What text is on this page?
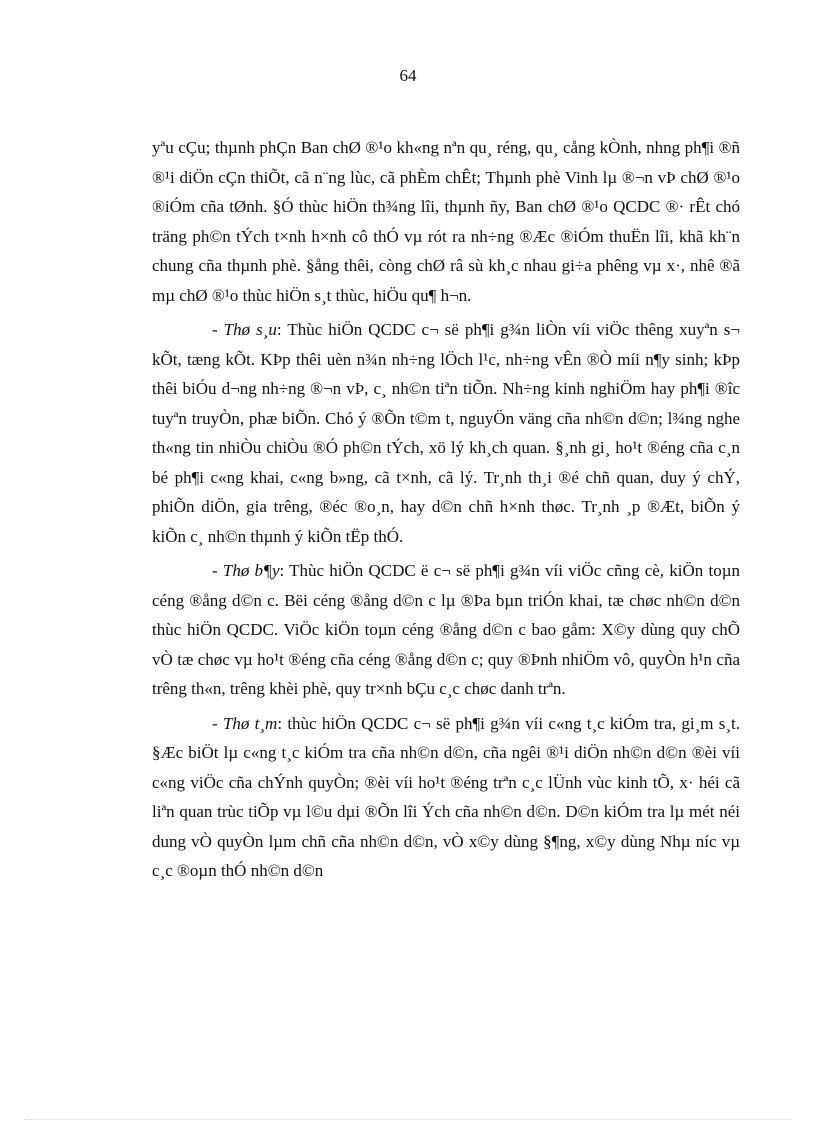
64

yªu cÇu; thµnh phÇn Ban chØ ®¹o kh«ng nªn qu¸ réng, qu¸ cång kÒnh, nhng ph¶i ®ñ ®¹i diÖn cÇn thiÕt, cã n¨ng lùc, cã phÈm chÊt; Thµnh phè Vinh lµ ®¬n vÞ chØ ®¹o ®iÓm cña tØnh. §Ó thùc hiÖn th¾ng lîi, thµnh ñy, Ban chØ ®¹o QCDC ®· rÊt chó träng ph©n tÝch t×nh h×nh cô thÓ vµ rót ra nh÷ng ®Æc ®iÓm thuËn lîi, khã kh¨n chung cña thµnh phè. §ång thêi, còng chØ râ sù kh¸c nhau gi÷a phêng vµ x·, nhê ®ã mµ chØ ®¹o thùc hiÖn s¸t thùc, hiÖu qu¶ h¬n.

- Thø s¸u: Thùc hiÖn QCDC c¬ së ph¶i g¾n liÒn víi viÖc thêng xuyªn s¬ kÕt, tæng kÕt. KÞp thêi uèn n¾n nh÷ng lÖch l¹c, nh÷ng vÊn ®Ò míi n¶y sinh; kÞp thêi biÓu d¬ng nh÷ng ®¬n vÞ, c¸ nh©n tiªn tiÕn. Nh÷ng kinh nghiÖm hay ph¶i ®îc tuyªn truyÒn, phæ biÕn. Chó ý ®Õn t©m t, nguyÖn väng cña nh©n d©n; l¾ng nghe th«ng tin nhiÒu chiÒu ®Ó ph©n tÝch, xö lý kh¸ch quan. §¸nh gi¸ ho¹t ®éng cña c¸n bé ph¶i c«ng khai, c«ng b»ng, cã t×nh, cã lý. Tr¸nh th¸i ®é chñ quan, duy ý chÝ, phiÕn diÖn, gia trêng, ®éc ®o¸n, hay d©n chñ h×nh thøc. Tr¸nh ¸p ®Æt, biÕn ý kiÕn c¸ nh©n thµnh ý kiÕn tËp thÓ.

- Thø b¶y: Thùc hiÖn QCDC ë c¬ së ph¶i g¾n víi viÖc cñng cè, kiÖn toµn céng ®ång d©n c. Bëi céng ®ång d©n c lµ ®Þa bµn triÓn khai, tæ chøc nh©n d©n thùc hiÖn QCDC. ViÖc kiÖn toµn céng ®ång d©n c bao gåm: X©y dùng quy chÕ vÒ tæ chøc vµ ho¹t ®éng cña céng ®ång d©n c; quy ®Þnh nhiÖm vô, quyÒn h¹n cña trêng th«n, trêng khèi phè, quy tr×nh bÇu c¸c chøc danh trªn.

- Thø t¸m: thùc hiÖn QCDC c¬ së ph¶i g¾n víi c«ng t¸c kiÓm tra, gi¸m s¸t. §Æc biÖt lµ c«ng t¸c kiÓm tra cña nh©n d©n, cña ngêi ®¹i diÖn nh©n d©n ®èi víi c«ng viÖc cña chÝnh quyÒn; ®èi víi ho¹t ®éng trªn c¸c lÜnh vùc kinh tÕ, x· héi cã liªn quan trùc tiÕp vµ l©u dµi ®Õn lîi Ých cña nh©n d©n. D©n kiÓm tra lµ mét néi dung vÒ quyÒn lµm chñ cña nh©n d©n, vÒ x©y dùng §¶ng, x©y dùng Nhµ níc vµ c¸c ®oµn thÓ nh©n d©n
